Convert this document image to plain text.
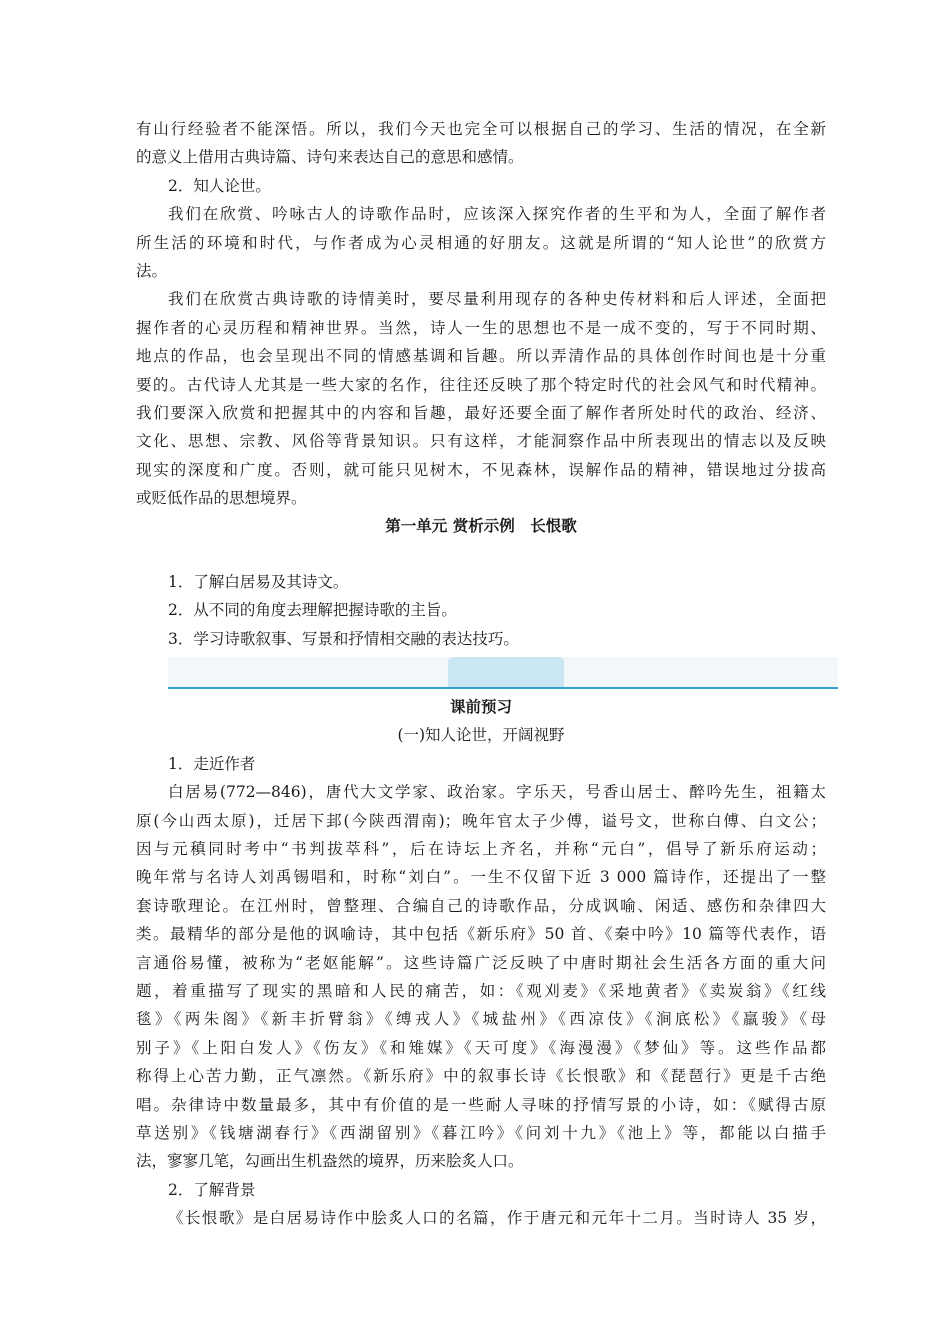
有山行经验者不能深悟。所以，我们今天也完全可以根据自己的学习、生活的情况，在全新
的意义上借用古典诗篇、诗句来表达自己的意思和感情。
2．知人论世。
我们在欣赏、吟咏古人的诗歌作品时，应该深入探究作者的生平和为人，全面了解作者
所生活的环境和时代，与作者成为心灵相通的好朋友。这就是所谓的“知人论世”的欣赏方
法。
我们在欣赏古典诗歌的诗情美时，要尽量利用现存的各种史传材料和后人评述，全面把
握作者的心灵历程和精神世界。当然，诗人一生的思想也不是一成不变的，写于不同时期、
地点的作品，也会呈现出不同的情感基调和旨趣。所以弄清作品的具体创作时间也是十分重
要的。古代诗人尤其是一些大家的名作，往往还反映了那个特定时代的社会风气和时代精神。
我们要深入欣赏和把握其中的内容和旨趣，最好还要全面了解作者所处时代的政治、经济、
文化、思想、宗教、风俗等背景知识。只有这样，才能洞察作品中所表现出的情志以及反映
现实的深度和广度。否则，就可能只见树木，不见森林，误解作品的精神，错误地过分拔高
或贬低作品的思想境界。
第一单元 赏析示例　长恨歌
1．了解白居易及其诗文。
2．从不同的角度去理解把握诗歌的主旨。
3．学习诗歌叙事、写景和抒情相交融的表达技巧。
课前预习
(一)知人论世，开阔视野
1．走近作者
白居易(772—846)，唐代大文学家、政治家。字乐天，号香山居士、醉吟先生，祖籍太
原(今山西太原)，迁居下邽(今陕西渭南)；晚年官太子少傅，谥号文，世称白傅、白文公；
因与元稹同时考中“书判拔萃科”，后在诗坛上齐名，并称“元白”，倡导了新乐府运动；
晚年常与名诗人刘禹锡唱和，时称“刘白”。一生不仅留下近 3 000 篇诗作，还提出了一整
套诗歌理论。在江州时，曾整理、合编自己的诗歌作品，分成讽喻、闲适、感伤和杂律四大
类。最精华的部分是他的讽喻诗，其中包括《新乐府》50 首、《秦中吟》10 篇等代表作，语
言通俗易懂，被称为“老妪能解”。这些诗篇广泛反映了中唐时期社会生活各方面的重大问
题，着重描写了现实的黑暗和人民的痛苦，如：《观刈麦》《采地黄者》《卖炭翁》《红线
毯》《两朱阁》《新丰折臂翁》《缚戎人》《城盐州》《西凉伎》《涧底松》《羸骏》《母
别子》《上阳白发人》《伤友》《和雉媒》《天可度》《海漫漫》《梦仙》等。这些作品都
称得上心苦力勤，正气凛然。《新乐府》中的叙事长诗《长恨歌》和《琵琶行》更是千古绝
唱。杂律诗中数量最多，其中有价值的是一些耐人寻味的抒情写景的小诗，如：《赋得古原
草送别》《钱塘湖春行》《西湖留别》《暮江吟》《问刘十九》《池上》等，都能以白描手
法，寥寥几笔，勾画出生机盎然的境界，历来脍炙人口。
2．了解背景
《长恨歌》是白居易诗作中脍炙人口的名篇，作于唐元和元年十二月。当时诗人 35 岁，
